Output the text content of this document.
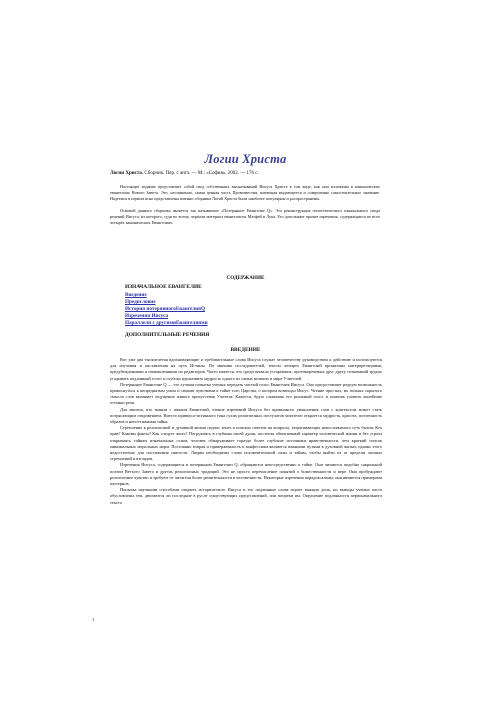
Логии Христа
Логии Христа. Сборник. Пер. с англ. — М.: «София», 2002. — 176 с.

Настоящее издание представляет собой свод собственных высказываний Иисуса Христа в том виде, как они изложены в канонических евангелиях Нового Завета. Это, несомненно, самая ценная часть Провозвестия, имеющая выдающееся и совершенно самостоятельное значение. Надеемся в первом ясно представлены именно сборника Логий Христа были наиболее популярны и распространены.

Основой данного сборника является так называемое «Потерянное Евангелие Q». Эта реконструкция гипотетического изначального свода речений Иисуса, из которого, судя по всему, черпали материал евангелисты Матфей и Лука. Его дополняют прочие изречения, содержащиеся во всех четырёх канонических Евангелиях.

СОДЕРЖАНИЕ
ИЗНАЧАЛЬНОЕ ЕВАНГЕЛИЕ
Введение
Предисловие
История потерянногоЕвангелияQ
Изречения Иисуса
Параллели с другимиЕвангелиями
ДОПОЛНИТЕЛЬНЫЕ РЕЧЕНИЯ
ВВЕДЕНИЕ

Вот уже два тысячелетия вдохновляющие и требовательные слова Иисуса служат человечеству руководством к действию и используются для изучения и наставления на путь Истины. По мнению исследователей, тексты четырех Евангелий пронизаны интерпретациями, предубеждениями и измышлениями их редакторов. Часто кажется, что среди шквала устаревших, противоречивых друг другу толкований трудно угадывать подлинный голос и глубоко вдохновить мудрость одного из самых великих в мире Учителей.

Потерянное Евангелие Q — это лучшая попытка ученых передать чистый голос Евангелия Иисуса. Оно предоставляет редкую возможность прикоснуться к непреднятым умом и своими чувствами к тайне того Царства, о котором возвещал Иисус. Чтение простых, но полных скрытого смысла слов вызывает ощущение живого присутствия Учителя. Кажется, будто слышишь его реальный голос и можешь уловить малейшие оттенки речи.

Для многих, кто знаком с языком Евангелий, чтение изречений Иисуса без привычного умышления слов с контекстом может стать потрясающим откровением. Вместо привкуса-истинного тона сухих религиозных постулатов читателю открается мудрость, красота, поэтичность образов и непостижимая тайна.

Стремление к религиозной и духовной жизни подчас тонет в поисках ответов на вопросы, затрагивающих непостижимого суть бытия: Кто прав? Каковы факты? Как следует жить? Погружаясь в глубины своей души, постигая объективный характер человеческой жизни и без страха открываясь тайнам изначальных основ, человек обнаруживает гораздо более глубокие источники нравственности, чем краткий список минимальных моральных норм. Постоянно взирая и приверженность к конфессиям являются важными путями к духовной жизни, однако этого недостаточно для постижения святости. Людям необходимы слова исключительной силы и тайны, чтобы выйти из за пределы личных стремлений и взглядов.

Изречения Иисуса, содержащиеся в потерянном Евангелии Q, обращаются непосредственно к тайне. Они читаются подобно сакральной поэзии Ветхого Завета и других религиозных традиций. Это не просто перечисление понятий о божественности и вере. Они пробуждают религиозное чувство и требуют от читателя более решительности в человечности. Некоторые изречения парадоксальны; они являются примерами паттернов.

Попытка научными способами открыть исторического Иисуса и его подлинные слова играет важную роль, но выводы ученых часто обусловлены тем, двигаются ли последние в русле существующих представлений, или вопреки им. Ощущение подлинности первоначального текста

1
